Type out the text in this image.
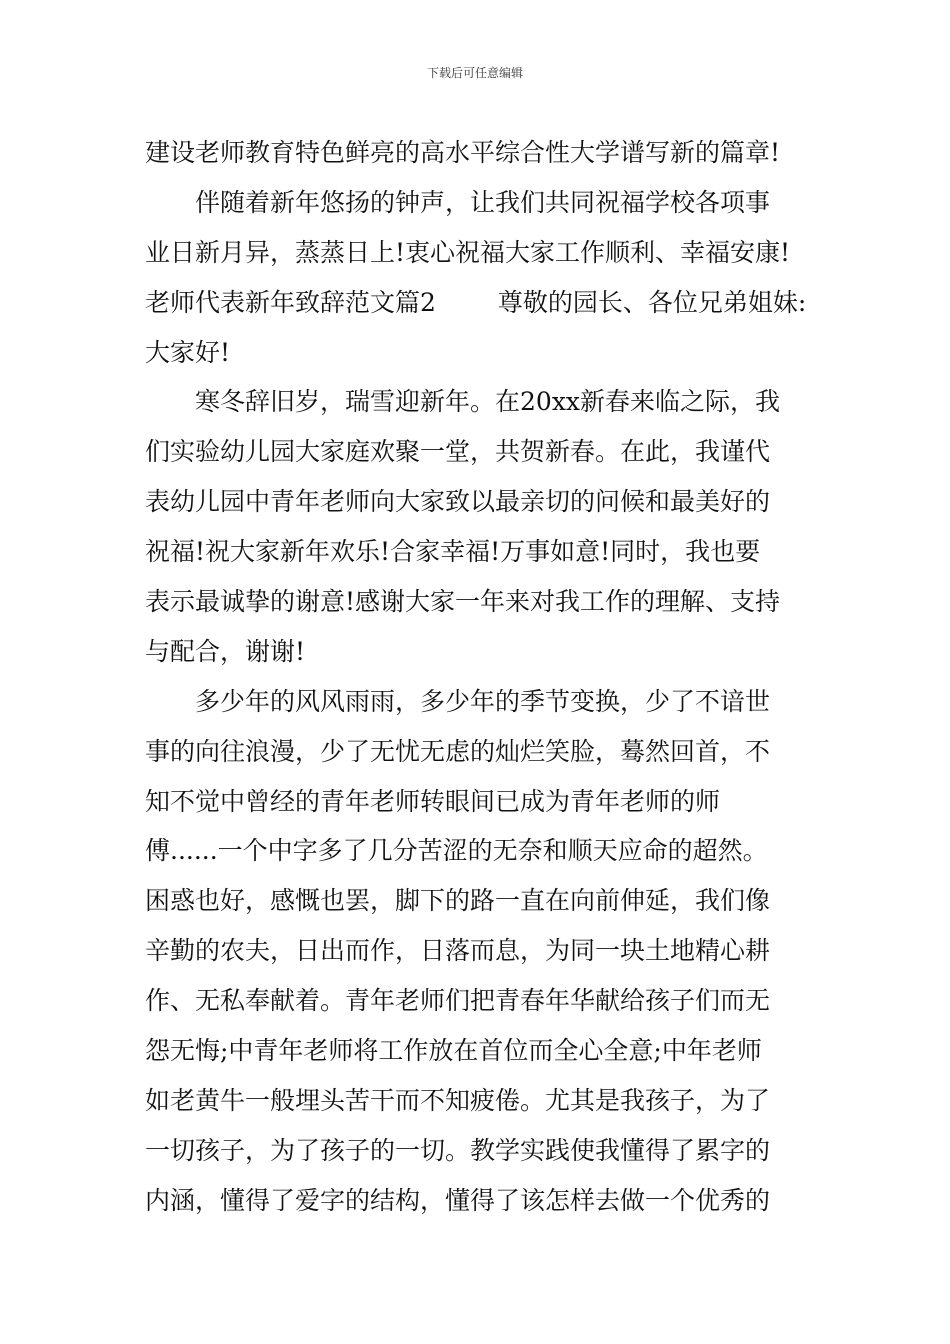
下载后可任意编辑
建设老师教育特色鲜亮的高水平综合性大学谱写新的篇章!
伴随着新年悠扬的钟声，让我们共同祝福学校各项事
业日新月异，蒸蒸日上!衷心祝福大家工作顺利、幸福安康!
老师代表新年致辞范文篇2 尊敬的园长、各位兄弟姐妹:
大家好!
寒冬辞旧岁，瑞雪迎新年。在20xx新春来临之际，我
们实验幼儿园大家庭欢聚一堂，共贺新春。在此，我谨代
表幼儿园中青年老师向大家致以最亲切的问候和最美好的
祝福!祝大家新年欢乐!合家幸福!万事如意!同时，我也要
表示最诚挚的谢意!感谢大家一年来对我工作的理解、支持
与配合，谢谢!
多少年的风风雨雨，多少年的季节变换，少了不谙世
事的向往浪漫，少了无忧无虑的灿烂笑脸，蓦然回首，不
知不觉中曾经的青年老师转眼间已成为青年老师的师
傅......一个中字多了几分苦涩的无奈和顺天应命的超然。
困惑也好，感慨也罢，脚下的路一直在向前伸延，我们像
辛勤的农夫，日出而作，日落而息，为同一块土地精心耕
作、无私奉献着。青年老师们把青春年华献给孩子们而无
怨无悔;中青年老师将工作放在首位而全心全意;中年老师
如老黄牛一般埋头苦干而不知疲倦。尤其是我孩子，为了
一切孩子，为了孩子的一切。教学实践使我懂得了累字的
内涵，懂得了爱字的结构，懂得了该怎样去做一个优秀的
